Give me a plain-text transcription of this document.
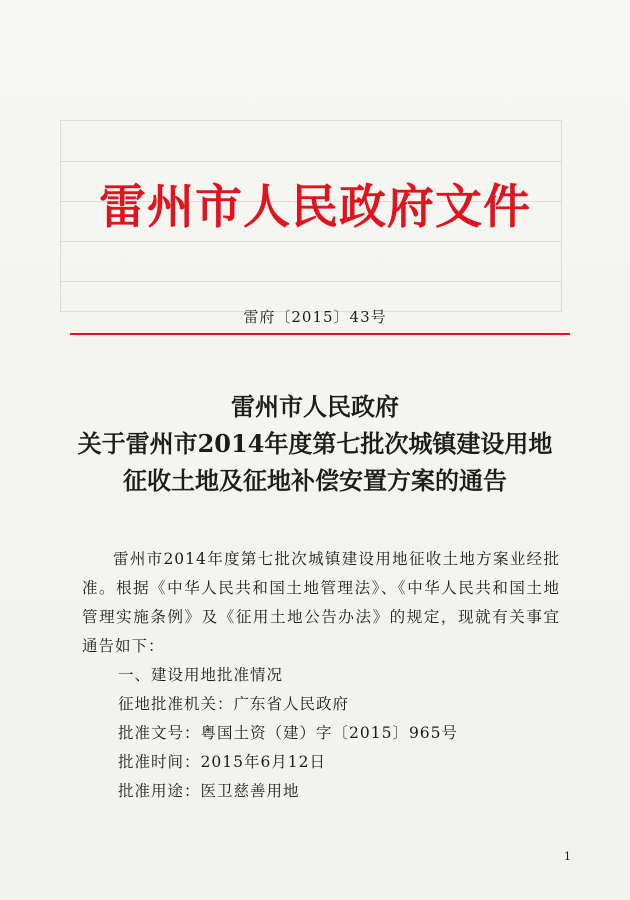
雷州市人民政府文件
雷府〔2015〕43号
雷州市人民政府
关于雷州市2014年度第七批次城镇建设用地
征收土地及征地补偿安置方案的通告
雷州市2014年度第七批次城镇建设用地征收土地方案业经批准。根据《中华人民共和国土地管理法》、《中华人民共和国土地管理实施条例》及《征用土地公告办法》的规定，现就有关事宜通告如下：
一、建设用地批准情况
征地批准机关：广东省人民政府
批准文号：粤国土资（建）字〔2015〕965号
批准时间：2015年6月12日
批准用途：医卫慈善用地
1
